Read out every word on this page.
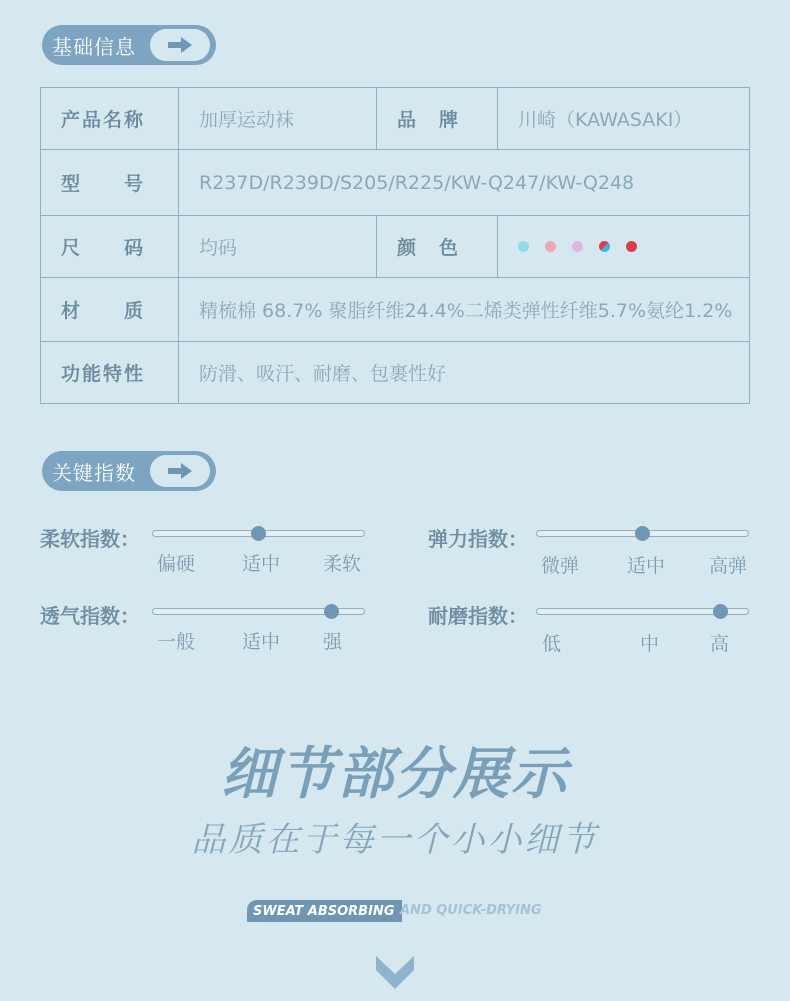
基础信息
产品名称	加厚运动袜	品　牌	川崎（KAWASAKI）
型　　号	R237D/R239D/S205/R225/KW-Q247/KW-Q248		
尺　　码	均码	颜　色	

材　　质	精梳棉 68.7% 聚脂纤维24.4%二烯类弹性纤维5.7%氨纶1.2%		
功能特性	防滑、吸汗、耐磨、包裹性好		
关键指数
柔软指数：
偏硬 适中 柔软
弹力指数：
微弹	适中 高弹
透气指数：
一般 适中 强
耐磨指数：
低	中	高
细节部分展示
品质在于每一个小小细节
SWEAT ABSORBING AND QUICK-DRYING
